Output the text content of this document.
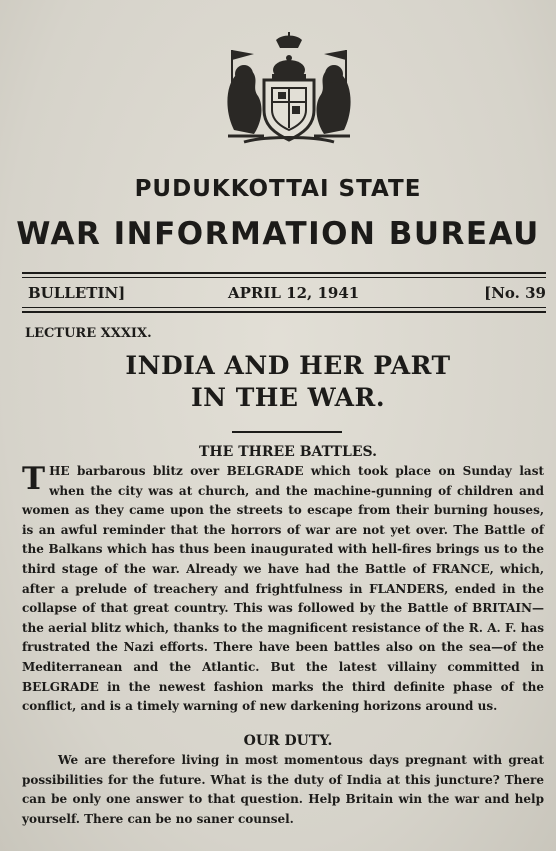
PUDUKKOTTAI STATE
WAR INFORMATION BUREAU
BULLETIN]	APRIL 12, 1941	[No. 39
LECTURE XXXIX.
INDIA AND HER PART
IN THE WAR.
THE THREE BATTLES.
THE barbarous blitz over BELGRADE which took place on Sunday last when the city was at church, and the machine-gunning of children and women as they came upon the streets to escape from their burning houses, is an awful reminder that the horrors of war are not yet over. The Battle of the Balkans which has thus been inaugurated with hell-fires brings us to the third stage of the war. Already we have had the Battle of FRANCE, which, after a prelude of treachery and frightfulness in FLANDERS, ended in the collapse of that great country. This was followed by the Battle of BRITAIN—the aerial blitz which, thanks to the magnificent resistance of the R. A. F. has frustrated the Nazi efforts. There have been battles also on the sea—of the Mediterranean and the Atlantic. But the latest villainy committed in BELGRADE in the newest fashion marks the third definite phase of the conflict, and is a timely warning of new darkening horizons around us.
OUR DUTY.
We are therefore living in most momentous days pregnant with great possibilities for the future. What is the duty of India at this juncture? There can be only one answer to that question. Help Britain win the war and help yourself. There can be no saner counsel.
